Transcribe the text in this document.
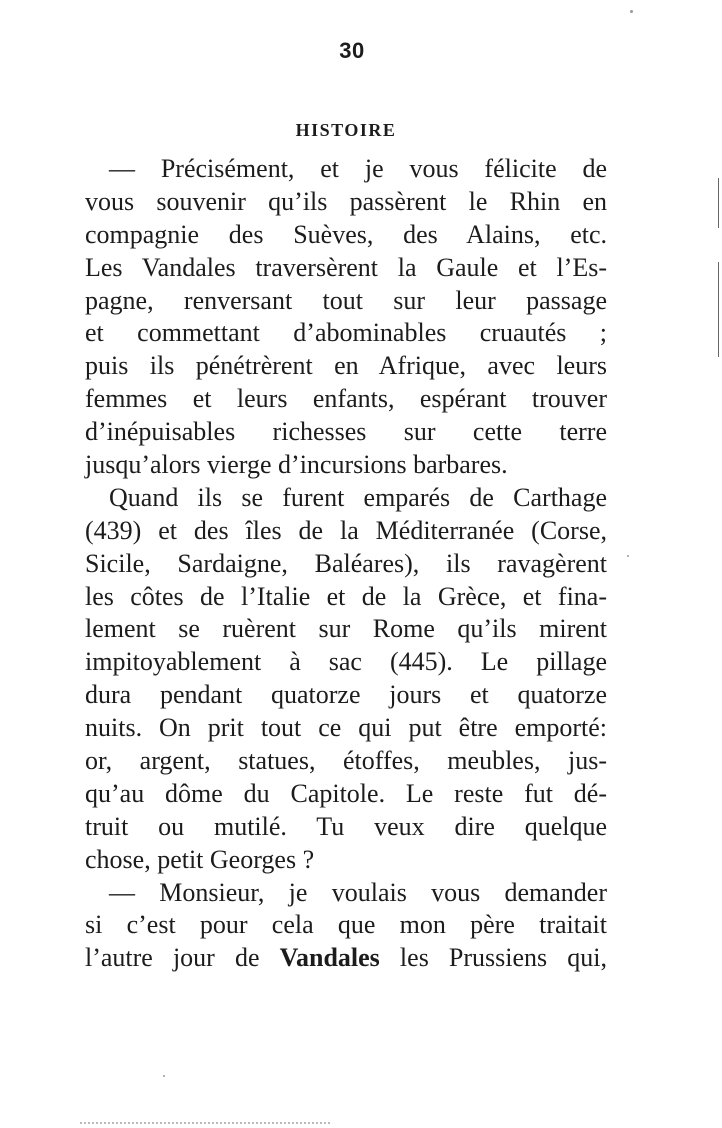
30
HISTOIRE
— Précisément, et je vous félicite de
vous souvenir qu’ils passèrent le Rhin en
compagnie des Suèves, des Alains, etc.
Les Vandales traversèrent la Gaule et l’Es-
pagne, renversant tout sur leur passage
et commettant d’abominables cruautés ;
puis ils pénétrèrent en Afrique, avec leurs
femmes et leurs enfants, espérant trouver
d’inépuisables richesses sur cette terre
jusqu’alors vierge d’incursions barbares.
Quand ils se furent emparés de Carthage
(439) et des îles de la Méditerranée (Corse,
Sicile, Sardaigne, Baléares), ils ravagèrent
les côtes de l’Italie et de la Grèce, et fina-
lement se ruèrent sur Rome qu’ils mirent
impitoyablement à sac (445). Le pillage
dura pendant quatorze jours et quatorze
nuits. On prit tout ce qui put être emporté:
or, argent, statues, étoffes, meubles, jus-
qu’au dôme du Capitole. Le reste fut dé-
truit ou mutilé. Tu veux dire quelque
chose, petit Georges ?
— Monsieur, je voulais vous demander
si c’est pour cela que mon père traitait
l’autre jour de Vandales les Prussiens qui,
